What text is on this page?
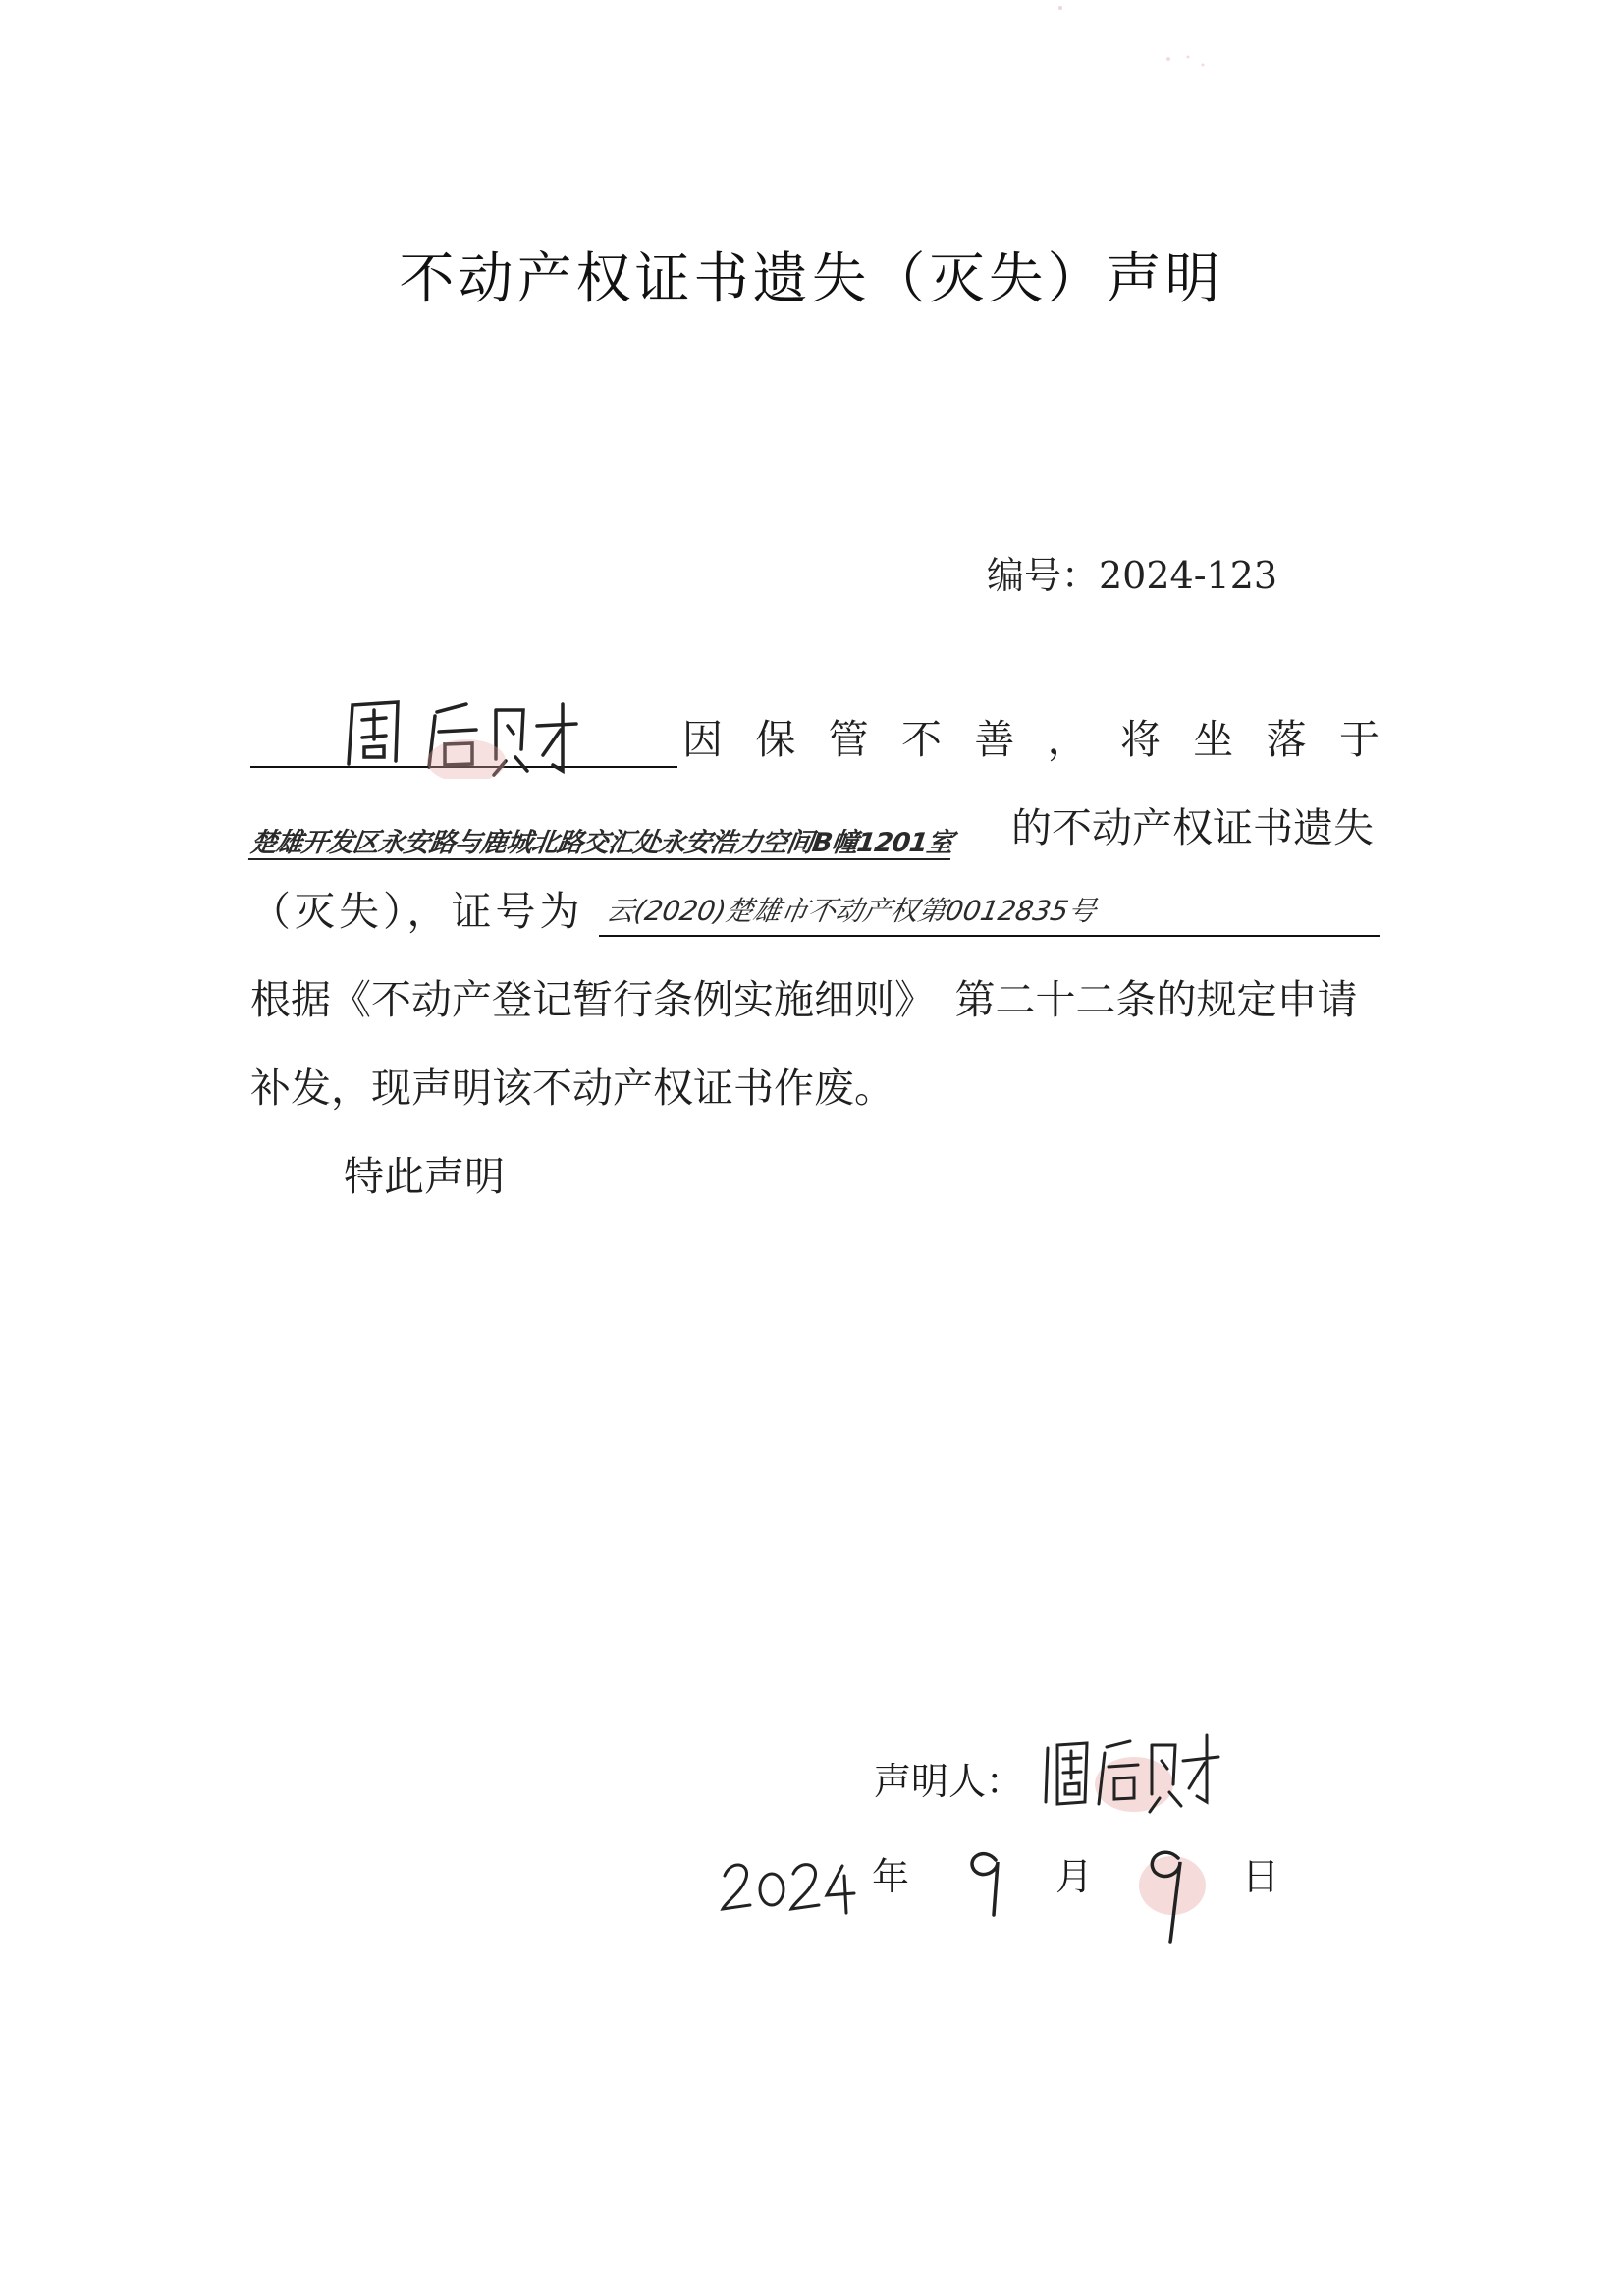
不动产权证书遗失（灭失）声明
编号：2024-123
因 保 管 不 善 ， 将 坐 落 于
楚雄开发区永安路与鹿城北路交汇处永安浩力空间B幢1201室 的不动产权证书遗失
（灭失），证号为 云(2020)楚雄市不动产权第0012835号
根据《不动产登记暂行条例实施细则》　第二十二条的规定申请
补发，现声明该不动产权证书作废。
特此声明
声明人：
年	月	日
